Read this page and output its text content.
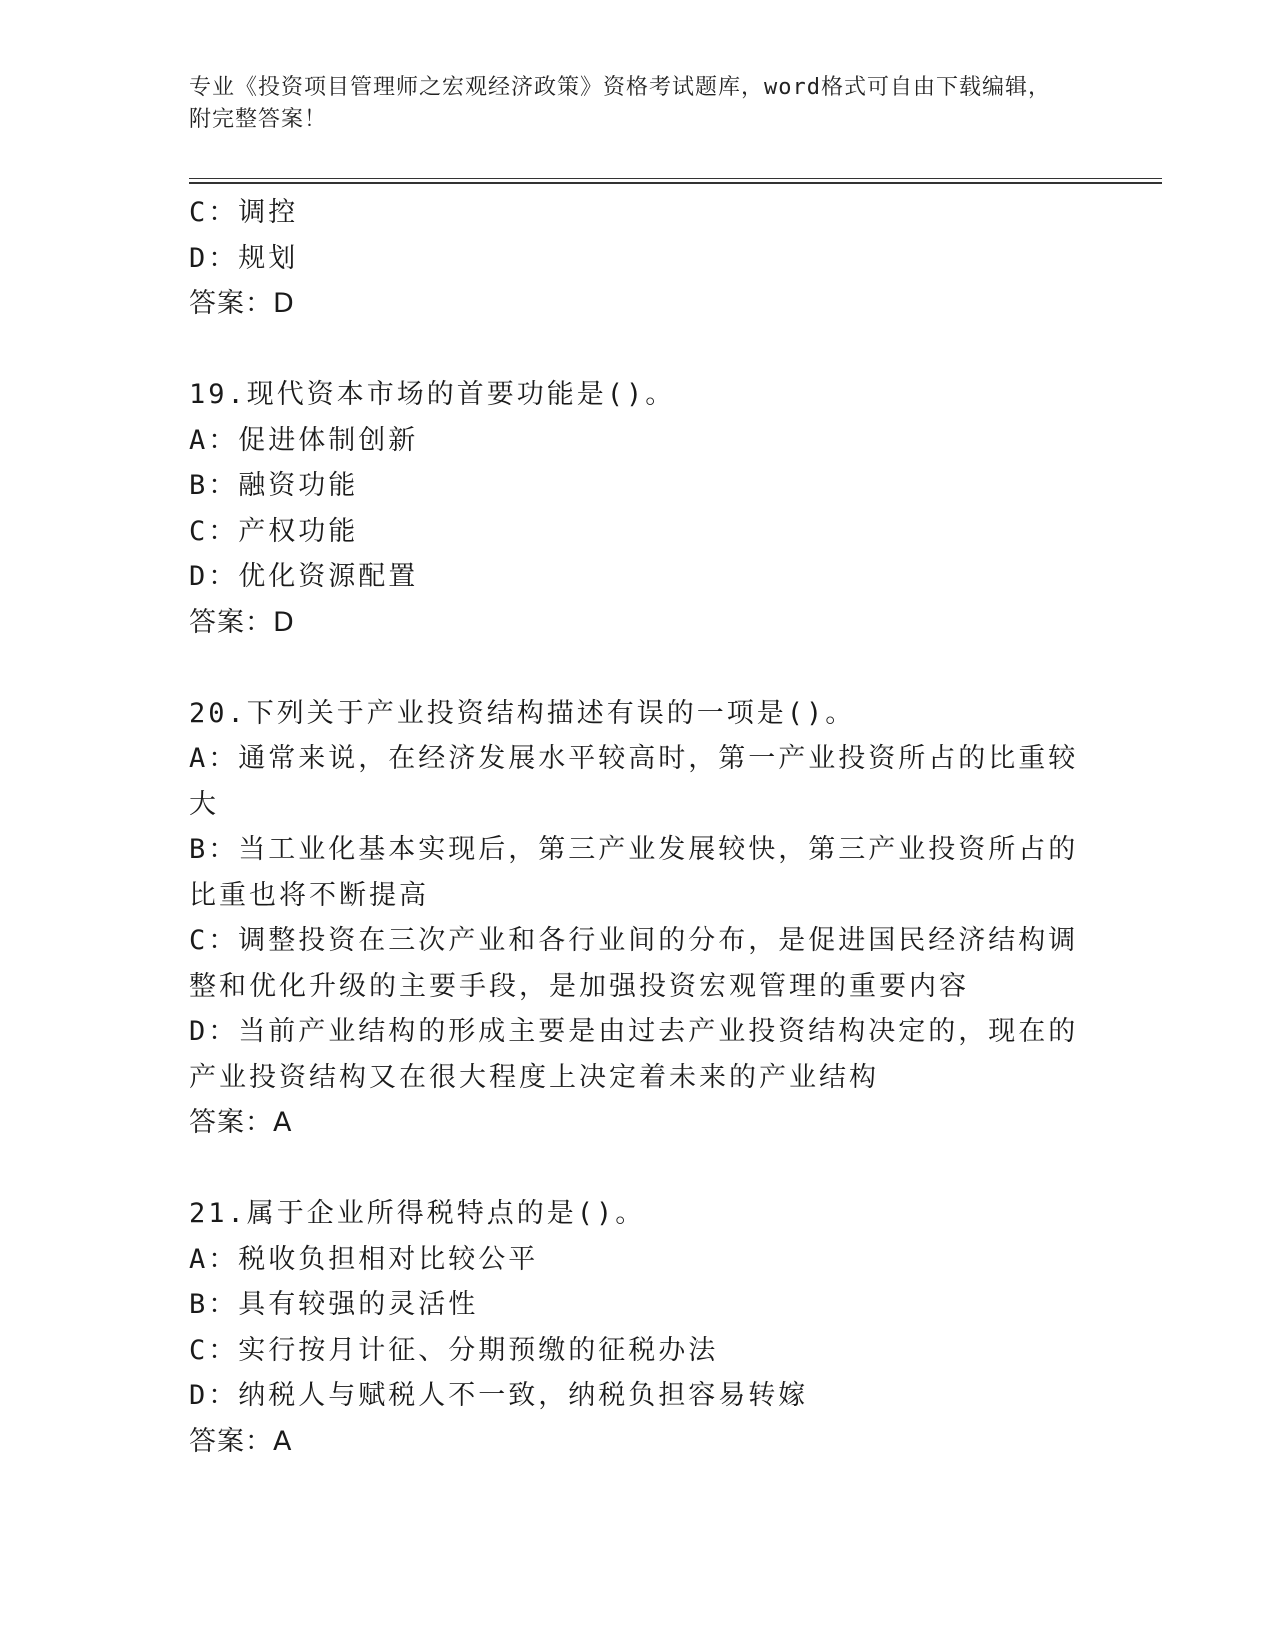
专业《投资项目管理师之宏观经济政策》资格考试题库，word格式可自由下载编辑，附完整答案！

C：调控

D：规划

答案：D

19.现代资本市场的首要功能是()。

A：促进体制创新

B：融资功能

C：产权功能

D：优化资源配置

答案：D

20.下列关于产业投资结构描述有误的一项是()。

A：通常来说，在经济发展水平较高时，第一产业投资所占的比重较大

B：当工业化基本实现后，第三产业发展较快，第三产业投资所占的比重也将不断提高

C：调整投资在三次产业和各行业间的分布，是促进国民经济结构调整和优化升级的主要手段，是加强投资宏观管理的重要内容

D：当前产业结构的形成主要是由过去产业投资结构决定的，现在的产业投资结构又在很大程度上决定着未来的产业结构

答案：A

21.属于企业所得税特点的是()。

A：税收负担相对比较公平

B：具有较强的灵活性

C：实行按月计征、分期预缴的征税办法

D：纳税人与赋税人不一致，纳税负担容易转嫁

答案：A
